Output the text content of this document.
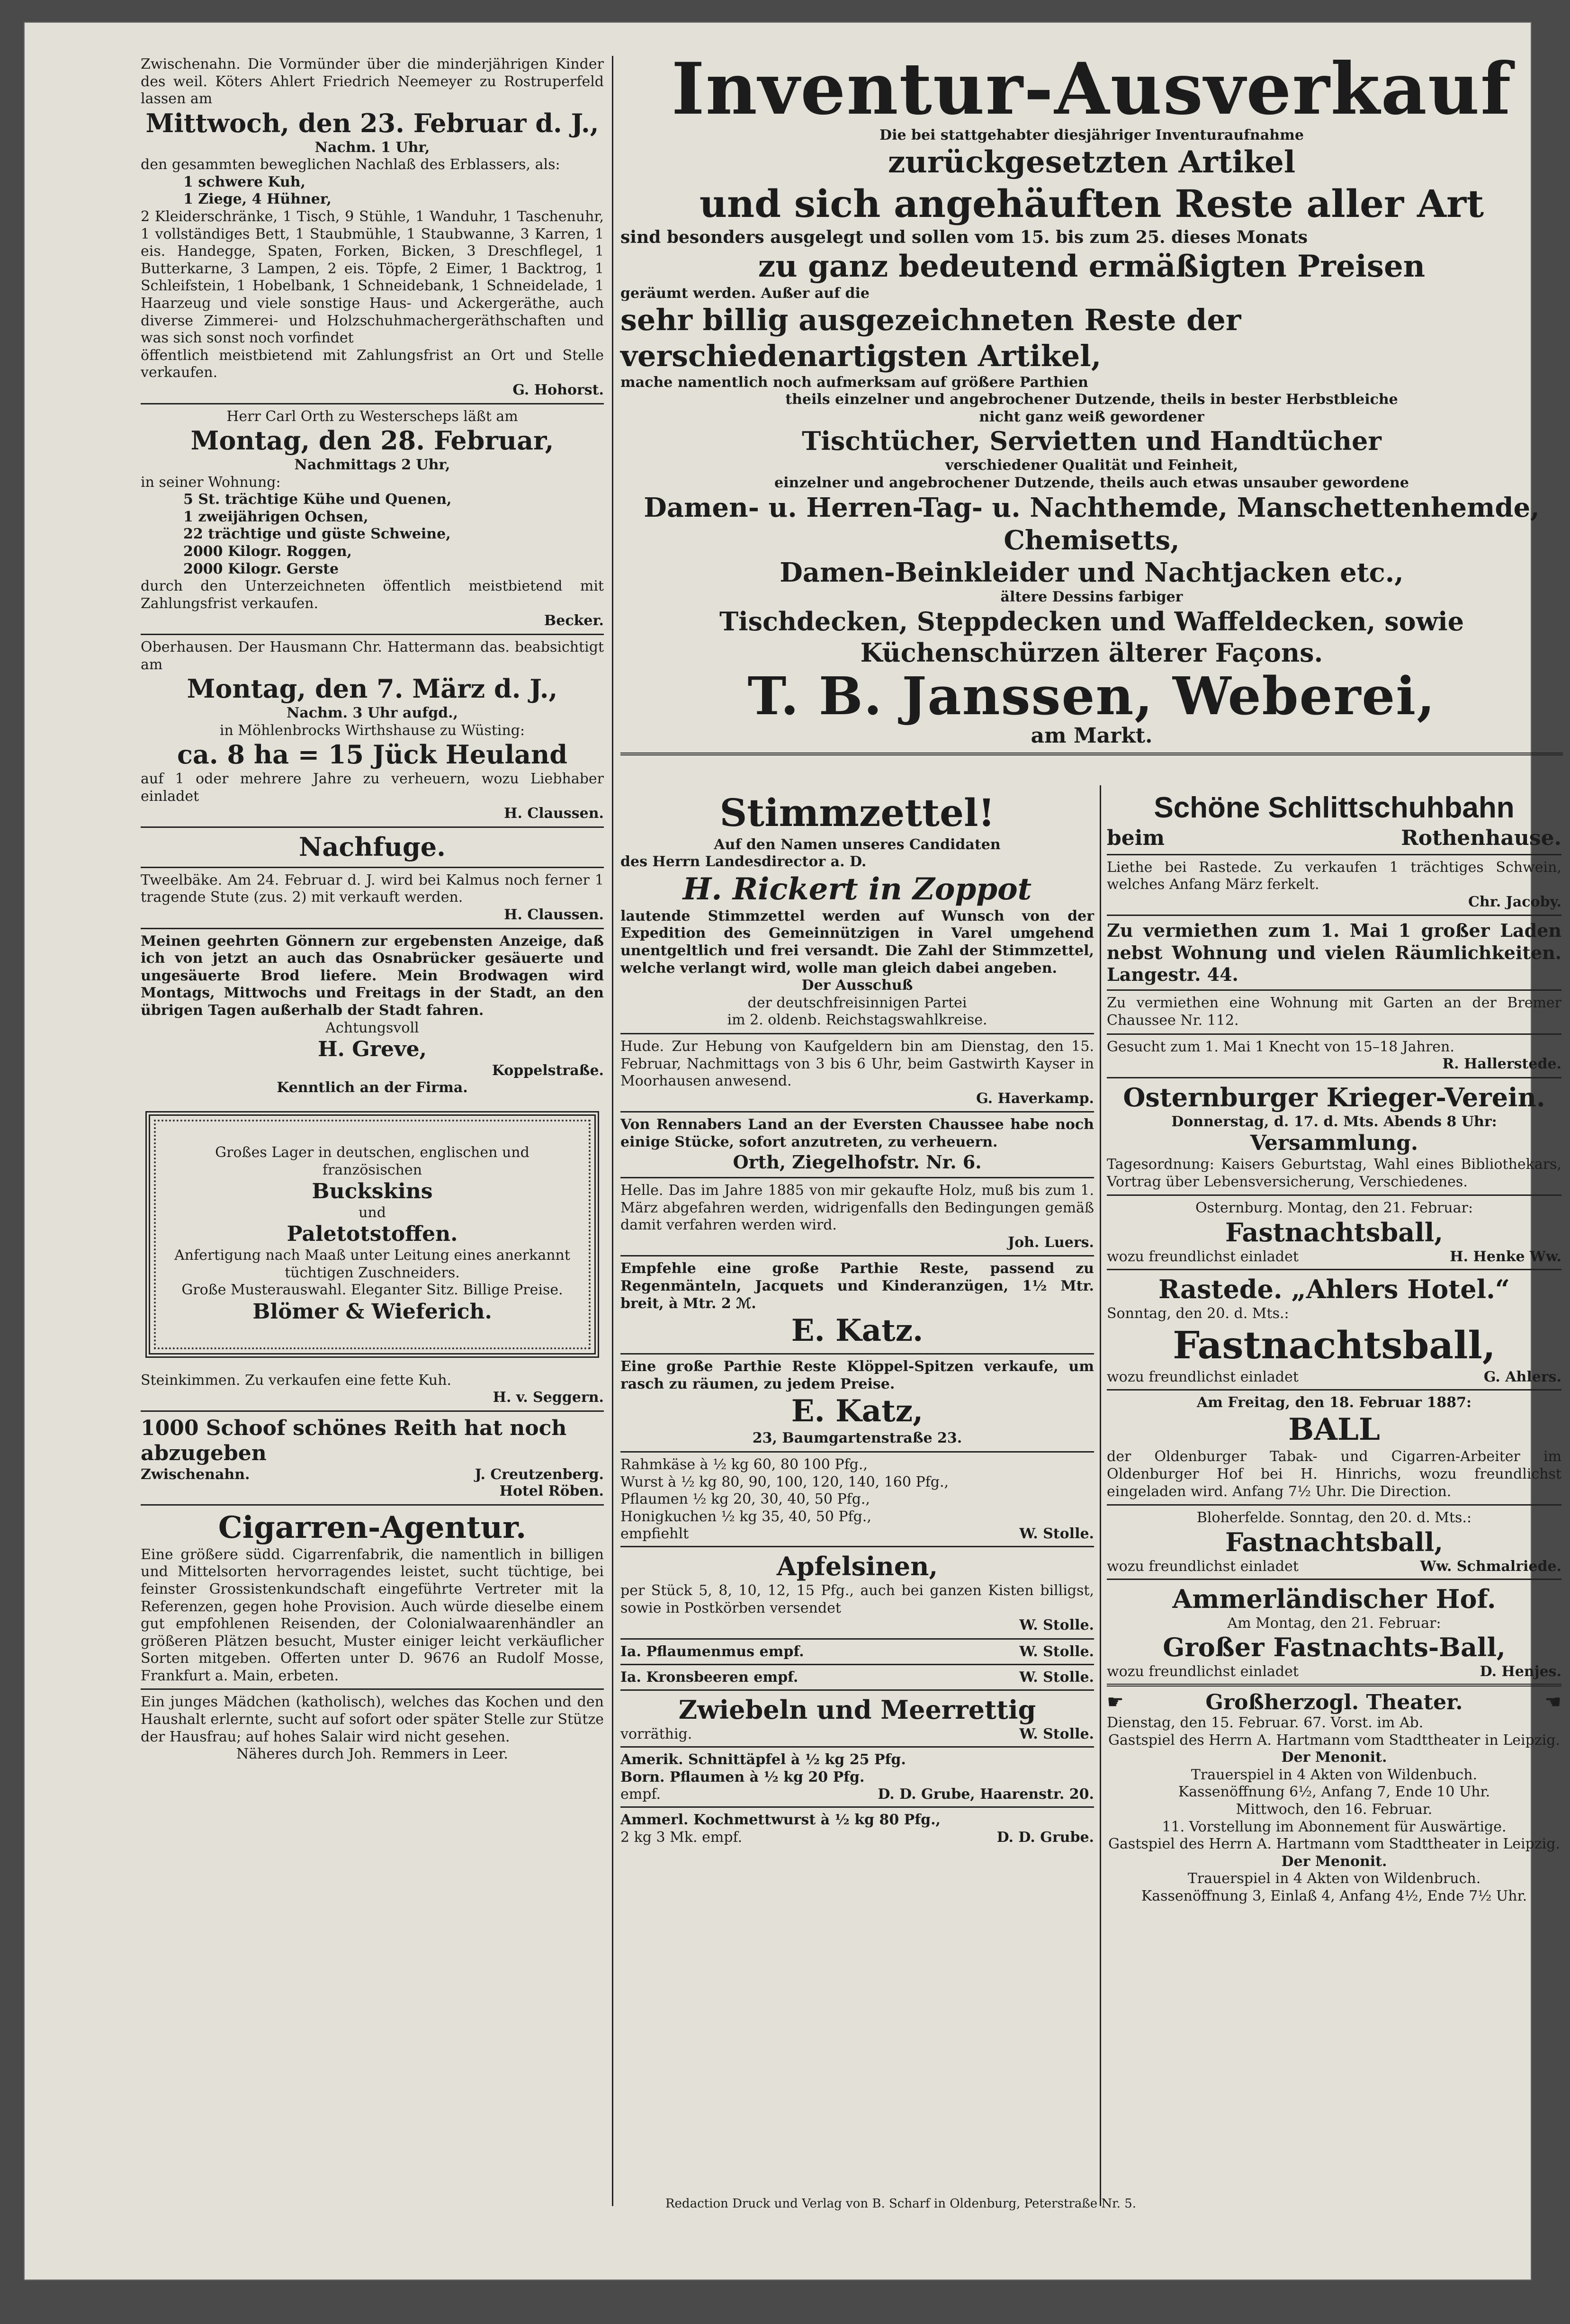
Zwischenahn. Die Vormünder über die minderjährigen Kinder des weil. Köters Ahlert Friedrich Neemeyer zu Rostruperfeld lassen am

Mittwoch, den 23. Februar d. J.,

Nachm. 1 Uhr,

den gesammten beweglichen Nachlaß des Erblassers, als:

1 schwere Kuh,

1 Ziege, 4 Hühner,

2 Kleiderschränke, 1 Tisch, 9 Stühle, 1 Wanduhr, 1 Taschenuhr, 1 vollständiges Bett, 1 Staubmühle, 1 Staubwanne, 3 Karren, 1 eis. Handegge, Spaten, Forken, Bicken, 3 Dreschflegel, 1 Butterkarne, 3 Lampen, 2 eis. Töpfe, 2 Eimer, 1 Backtrog, 1 Schleifstein, 1 Hobelbank, 1 Schneidebank, 1 Schneidelade, 1 Haarzeug und viele sonstige Haus- und Ackergeräthe, auch diverse Zimmerei- und Holzschuhmachergeräthschaften und was sich sonst noch vorfindet

öffentlich meistbietend mit Zahlungsfrist an Ort und Stelle verkaufen.

G. Hohorst.

Herr Carl Orth zu Westerscheps läßt am

Montag, den 28. Februar,

Nachmittags 2 Uhr,

in seiner Wohnung:

5 St. trächtige Kühe und Quenen,

1 zweijährigen Ochsen,

22 trächtige und güste Schweine,

2000 Kilogr. Roggen,

2000 Kilogr. Gerste

durch den Unterzeichneten öffentlich meistbietend mit Zahlungsfrist verkaufen.

Becker.

Oberhausen. Der Hausmann Chr. Hattermann das. beabsichtigt am

Montag, den 7. März d. J.,

Nachm. 3 Uhr aufgd.,

in Möhlenbrocks Wirthshause zu Wüsting:

ca. 8 ha = 15 Jück Heuland

auf 1 oder mehrere Jahre zu verheuern, wozu Liebhaber einladet

H. Claussen.

Nachfuge.

Tweelbäke. Am 24. Februar d. J. wird bei Kalmus noch ferner 1 tragende Stute (zus. 2) mit verkauft werden.

H. Claussen.

Meinen geehrten Gönnern zur ergebensten Anzeige, daß ich von jetzt an auch das Osnabrücker gesäuerte und ungesäuerte Brod liefere. Mein Brodwagen wird Montags, Mittwochs und Freitags in der Stadt, an den übrigen Tagen außerhalb der Stadt fahren.

Achtungsvoll

H. Greve,

Koppelstraße.

Kenntlich an der Firma.

Großes Lager in deutschen, englischen und französischen

Buckskins

und

Paletotstoffen.

Anfertigung nach Maaß unter Leitung eines anerkannt tüchtigen Zuschneiders.

Große Musterauswahl. Eleganter Sitz. Billige Preise.

Blömer & Wieferich.

Steinkimmen. Zu verkaufen eine fette Kuh.

H. v. Seggern.

1000 Schoof schönes Reith hat noch abzugeben

Zwischenahn.	J. Creutzenberg.

Hotel Röben.

Cigarren-Agentur.

Eine größere südd. Cigarrenfabrik, die namentlich in billigen und Mittelsorten hervorragendes leistet, sucht tüchtige, bei feinster Grossistenkundschaft eingeführte Vertreter mit la Referenzen, gegen hohe Provision. Auch würde dieselbe einem gut empfohlenen Reisenden, der Colonialwaarenhändler an größeren Plätzen besucht, Muster einiger leicht verkäuflicher Sorten mitgeben. Offerten unter D. 9676 an Rudolf Mosse, Frankfurt a. Main, erbeten.

Ein junges Mädchen (katholisch), welches das Kochen und den Haushalt erlernte, sucht auf sofort oder später Stelle zur Stütze der Hausfrau; auf hohes Salair wird nicht gesehen.

Näheres durch Joh. Remmers in Leer.

Inventur-Ausverkauf

Die bei stattgehabter diesjähriger Inventuraufnahme

zurückgesetzten Artikel

und sich angehäuften Reste aller Art

sind besonders ausgelegt und sollen vom 15. bis zum 25. dieses Monats

zu ganz bedeutend ermäßigten Preisen

geräumt werden. Außer auf die

sehr billig ausgezeichneten Reste der verschiedenartigsten Artikel,

mache namentlich noch aufmerksam auf größere Parthien

theils einzelner und angebrochener Dutzende, theils in bester Herbstbleiche

nicht ganz weiß gewordener

Tischtücher, Servietten und Handtücher

verschiedener Qualität und Feinheit,

einzelner und angebrochener Dutzende, theils auch etwas unsauber gewordene

Damen- u. Herren-Tag- u. Nachthemde, Manschettenhemde, Chemisetts,

Damen-Beinkleider und Nachtjacken etc.,

ältere Dessins farbiger

Tischdecken, Steppdecken und Waffeldecken, sowie

Küchenschürzen älterer Façons.

T. B. Janssen, Weberei,

am Markt.

Stimmzettel!

Auf den Namen unseres Candidaten

des Herrn Landesdirector a. D.

H. Rickert in Zoppot

lautende Stimmzettel werden auf Wunsch von der Expedition des Gemeinnützigen in Varel umgehend unentgeltlich und frei versandt. Die Zahl der Stimmzettel, welche verlangt wird, wolle man gleich dabei angeben.

Der Ausschuß

der deutschfreisinnigen Partei

im 2. oldenb. Reichstagswahlkreise.

Hude. Zur Hebung von Kaufgeldern bin am Dienstag, den 15. Februar, Nachmittags von 3 bis 6 Uhr, beim Gastwirth Kayser in Moorhausen anwesend.

G. Haverkamp.

Von Rennabers Land an der Eversten Chaussee habe noch einige Stücke, sofort anzutreten, zu verheuern.

Orth, Ziegelhofstr. Nr. 6.

Helle. Das im Jahre 1885 von mir gekaufte Holz, muß bis zum 1. März abgefahren werden, widrigenfalls den Bedingungen gemäß damit verfahren werden wird.

Joh. Luers.

Empfehle eine große Parthie Reste, passend zu Regenmänteln, Jacquets und Kinderanzügen, 1½ Mtr. breit, à Mtr. 2 ℳ.

E. Katz.

Eine große Parthie Reste Klöppel-Spitzen verkaufe, um rasch zu räumen, zu jedem Preise.

E. Katz,

23, Baumgartenstraße 23.

Rahmkäse à ½ kg 60, 80 100 Pfg.,

Wurst à ½ kg 80, 90, 100, 120, 140, 160 Pfg.,

Pflaumen ½ kg 20, 30, 40, 50 Pfg.,

Honigkuchen ½ kg 35, 40, 50 Pfg.,

empfiehlt	W. Stolle.

Apfelsinen,

per Stück 5, 8, 10, 12, 15 Pfg., auch bei ganzen Kisten billigst, sowie in Postkörben versendet

W. Stolle.

Ia. Pflaumenmus empf.	W. Stolle.
Ia. Kronsbeeren empf.	W. Stolle.

Zwiebeln und Meerrettig

vorräthig.	W. Stolle.

Amerik. Schnittäpfel à ½ kg 25 Pfg.

Born. Pflaumen à ½ kg 20 Pfg.

empf.	D. D. Grube, Haarenstr. 20.

Ammerl. Kochmettwurst à ½ kg 80 Pfg.,

2 kg 3 Mk. empf.	D. D. Grube.

Schöne Schlittschuhbahn

beim	Rothenhause.

Liethe bei Rastede. Zu verkaufen 1 trächtiges Schwein, welches Anfang März ferkelt.

Chr. Jacoby.

Zu vermiethen zum 1. Mai 1 großer Laden nebst Wohnung und vielen Räumlichkeiten. Langestr. 44.

Zu vermiethen eine Wohnung mit Garten an der Bremer Chaussee Nr. 112.

Gesucht zum 1. Mai 1 Knecht von 15–18 Jahren.

R. Hallerstede.

Osternburger Krieger-Verein.

Donnerstag, d. 17. d. Mts. Abends 8 Uhr:

Versammlung.

Tagesordnung: Kaisers Geburtstag, Wahl eines Bibliothekars, Vortrag über Lebensversicherung, Verschiedenes.

Osternburg. Montag, den 21. Februar:

Fastnachtsball,

wozu freundlichst einladet	H. Henke Ww.

Rastede. „Ahlers Hotel.“

Sonntag, den 20. d. Mts.:

Fastnachtsball,

wozu freundlichst einladet	G. Ahlers.

Am Freitag, den 18. Februar 1887:

BALL

der Oldenburger Tabak- und Cigarren-Arbeiter im Oldenburger Hof bei H. Hinrichs, wozu freundlichst eingeladen wird. Anfang 7½ Uhr. Die Direction.

Bloherfelde. Sonntag, den 20. d. Mts.:

Fastnachtsball,

wozu freundlichst einladet	Ww. Schmalriede.

Ammerländischer Hof.

Am Montag, den 21. Februar:

Großer Fastnachts-Ball,

wozu freundlichst einladet	D. Henjes.
☛	Großherzogl. Theater.	☚

Dienstag, den 15. Februar. 67. Vorst. im Ab.

Gastspiel des Herrn A. Hartmann vom Stadttheater in Leipzig.

Der Menonit.

Trauerspiel in 4 Akten von Wildenbuch.

Kassenöffnung 6½, Anfang 7, Ende 10 Uhr.

Mittwoch, den 16. Februar.

11. Vorstellung im Abonnement für Auswärtige.

Gastspiel des Herrn A. Hartmann vom Stadttheater in Leipzig.

Der Menonit.

Trauerspiel in 4 Akten von Wildenbruch.

Kassenöffnung 3, Einlaß 4, Anfang 4½, Ende 7½ Uhr.

Redaction Druck und Verlag von B. Scharf in Oldenburg, Peterstraße Nr. 5.
